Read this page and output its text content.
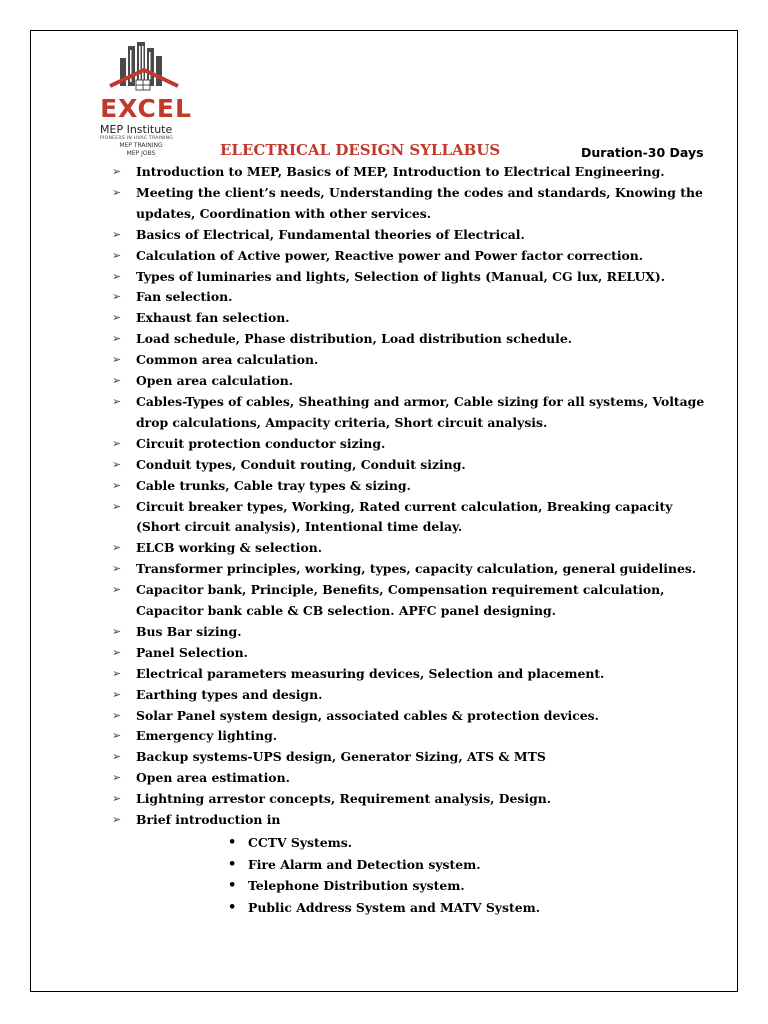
EXCEL
MEP Institute
PIONEERS IN HVAC TRAINING
MEP TRAINING
MEP JOBS	ELECTRICAL DESIGN SYLLABUS	Duration-30 Days
➢ Introduction to MEP, Basics of MEP, Introduction to Electrical Engineering.
➢ Meeting the client’s needs, Understanding the codes and standards, Knowing the updates, Coordination with other services.
➢ Basics of Electrical, Fundamental theories of Electrical.
➢ Calculation of Active power, Reactive power and Power factor correction.
➢ Types of luminaries and lights, Selection of lights (Manual, CG lux, RELUX).
➢ Fan selection.
➢ Exhaust fan selection.
➢ Load schedule, Phase distribution, Load distribution schedule.
➢ Common area calculation.
➢ Open area calculation.
➢ Cables-Types of cables, Sheathing and armor, Cable sizing for all systems, Voltage drop calculations, Ampacity criteria, Short circuit analysis.
➢ Circuit protection conductor sizing.
➢ Conduit types, Conduit routing, Conduit sizing.
➢ Cable trunks, Cable tray types & sizing.
➢ Circuit breaker types, Working, Rated current calculation, Breaking capacity (Short circuit analysis), Intentional time delay.
➢ ELCB working & selection.
➢ Transformer principles, working, types, capacity calculation, general guidelines.
➢ Capacitor bank, Principle, Benefits, Compensation requirement calculation, Capacitor bank cable & CB selection. APFC panel designing.
➢ Bus Bar sizing.
➢ Panel Selection.
➢ Electrical parameters measuring devices, Selection and placement.
➢ Earthing types and design.
➢ Solar Panel system design, associated cables & protection devices.
➢ Emergency lighting.
➢ Backup systems-UPS design, Generator Sizing, ATS & MTS
➢ Open area estimation.
➢ Lightning arrestor concepts, Requirement analysis, Design.
➢ Brief introduction in
• CCTV Systems.
• Fire Alarm and Detection system.
• Telephone Distribution system.
• Public Address System and MATV System.
